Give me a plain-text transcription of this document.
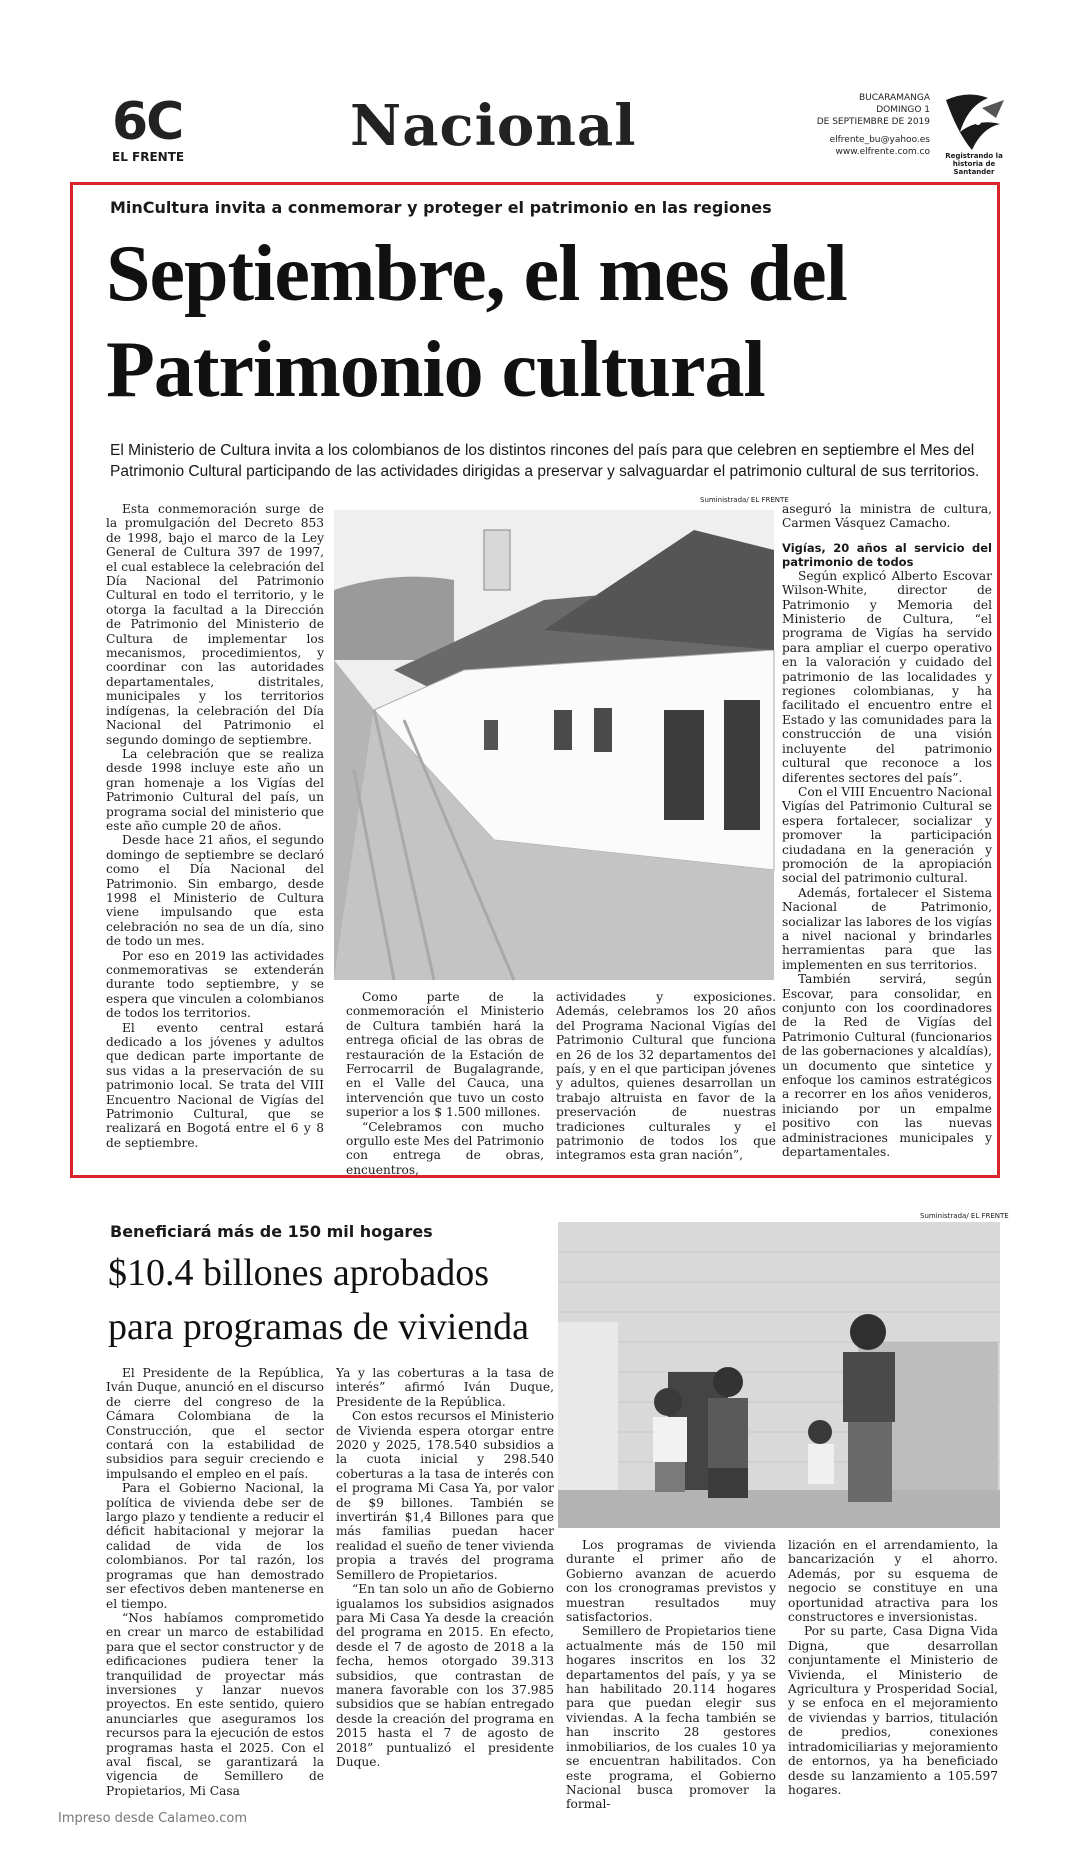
6C
EL FRENTE	Nacional	BUCARAMANGA
DOMINGO 1
DE SEPTIEMBRE DE 2019
elfrente_bu@yahoo.es
www.elfrente.com.co	Registrando la historia de Santander
MinCultura invita a conmemorar y proteger el patrimonio en las regiones
Septiembre, el mes del
Patrimonio cultural
El Ministerio de Cultura invita a los colombianos de los distintos rincones del país para que celebren en septiembre el Mes del Patrimonio Cultural participando de las actividades dirigidas a preservar y salvaguardar el patrimonio cultural de sus territorios.

Esta conmemoración surge de la promulgación del Decreto 853 de 1998, bajo el marco de la Ley General de Cultura 397 de 1997, el cual establece la celebración del Día Nacional del Patrimonio Cultural en todo el territorio, y le otorga la facultad a la Dirección de Patrimonio del Ministerio de Cultura de implementar los mecanismos, procedimientos, y coordinar con las autoridades departamentales, distritales, municipales y los territorios indígenas, la celebración del Día Nacional del Patrimonio el segundo domingo de septiembre.

La celebración que se realiza desde 1998 incluye este año un gran homenaje a los Vigías del Patrimonio Cultural del país, un programa social del ministerio que este año cumple 20 de años.

Desde hace 21 años, el segundo domingo de septiembre se declaró como el Día Nacional del Patrimonio. Sin embargo, desde 1998 el Ministerio de Cultura viene impulsando que esta celebración no sea de un día, sino de todo un mes.

Por eso en 2019 las actividades conmemorativas se extenderán durante todo septiembre, y se espera que vinculen a colombianos de todos los territorios.

El evento central estará dedicado a los jóvenes y adultos que dedican parte importante de sus vidas a la preservación de su patrimonio local. Se trata del VIII Encuentro Nacional de Vigías del Patrimonio Cultural, que se realizará en Bogotá entre el 6 y 8 de septiembre.

Suministrada/ EL FRENTE

Como parte de la conmemoración el Ministerio de Cultura también hará la entrega oficial de las obras de restauración de la Estación de Ferrocarril de Bugalagrande, en el Valle del Cauca, una intervención que tuvo un costo superior a los $ 1.500 millones.

“Celebramos con mucho orgullo este Mes del Patrimonio con entrega de obras, encuentros,

actividades y exposiciones. Además, celebramos los 20 años del Programa Nacional Vigías del Patrimonio Cultural que funciona en 26 de los 32 departamentos del país, y en el que participan jóvenes y adultos, quienes desarrollan un trabajo altruista en favor de la preservación de nuestras tradiciones culturales y el patrimonio de todos los que integramos esta gran nación”,

aseguró la ministra de cultura, Carmen Vásquez Camacho.

Vigías, 20 años al servicio del patrimonio de todos

Según explicó Alberto Escovar Wilson-White, director de Patrimonio y Memoria del Ministerio de Cultura, “el programa de Vigías ha servido para ampliar el cuerpo operativo en la valoración y cuidado del patrimonio de las localidades y regiones colombianas, y ha facilitado el encuentro entre el Estado y las comunidades para la construcción de una visión incluyente del patrimonio cultural que reconoce a los diferentes sectores del país”.

Con el VIII Encuentro Nacional Vigías del Patrimonio Cultural se espera fortalecer, socializar y promover la participación ciudadana en la generación y promoción de la apropiación social del patrimonio cultural.

Además, fortalecer el Sistema Nacional de Patrimonio, socializar las labores de los vigías a nivel nacional y brindarles herramientas para que las implementen en sus territorios.

También servirá, según Escovar, para consolidar, en conjunto con los coordinadores de la Red de Vigías del Patrimonio Cultural (funcionarios de las gobernaciones y alcaldías), un documento que sintetice y enfoque los caminos estratégicos a recorrer en los años venideros, iniciando por un empalme positivo con las nuevas administraciones municipales y departamentales.

Beneficiará más de 150 mil hogares
$10.4 billones aprobados
para programas de vivienda
Suministrada/ EL FRENTE

El Presidente de la República, Iván Duque, anunció en el discurso de cierre del congreso de la Cámara Colombiana de la Construcción, que el sector contará con la estabilidad de subsidios para seguir creciendo e impulsando el empleo en el país.

Para el Gobierno Nacional, la política de vivienda debe ser de largo plazo y tendiente a reducir el déficit habitacional y mejorar la calidad de vida de los colombianos. Por tal razón, los programas que han demostrado ser efectivos deben mantenerse en el tiempo.

“Nos habíamos comprometido en crear un marco de estabilidad para que el sector constructor y de edificaciones pudiera tener la tranquilidad de proyectar más inversiones y lanzar nuevos proyectos. En este sentido, quiero anunciarles que aseguramos los recursos para la ejecución de estos programas hasta el 2025. Con el aval fiscal, se garantizará la vigencia de Semillero de Propietarios, Mi Casa

Ya y las coberturas a la tasa de interés” afirmó Iván Duque, Presidente de la República.

Con estos recursos el Ministerio de Vivienda espera otorgar entre 2020 y 2025, 178.540 subsidios a la cuota inicial y 298.540 coberturas a la tasa de interés con el programa Mi Casa Ya, por valor de $9 billones. También se invertirán $1,4 Billones para que más familias puedan hacer realidad el sueño de tener vivienda propia a través del programa Semillero de Propietarios.

“En tan solo un año de Gobierno igualamos los subsidios asignados para Mi Casa Ya desde la creación del programa en 2015. En efecto, desde el 7 de agosto de 2018 a la fecha, hemos otorgado 39.313 subsidios, que contrastan de manera favorable con los 37.985 subsidios que se habían entregado desde la creación del programa en 2015 hasta el 7 de agosto de 2018” puntualizó el presidente Duque.

Los programas de vivienda durante el primer año de Gobierno avanzan de acuerdo con los cronogramas previstos y muestran resultados muy satisfactorios.

Semillero de Propietarios tiene actualmente más de 150 mil hogares inscritos en los 32 departamentos del país, y ya se han habilitado 20.114 hogares para que puedan elegir sus viviendas. A la fecha también se han inscrito 28 gestores inmobiliarios, de los cuales 10 ya se encuentran habilitados. Con este programa, el Gobierno Nacional busca promover la formal-

lización en el arrendamiento, la bancarización y el ahorro. Además, por su esquema de negocio se constituye en una oportunidad atractiva para los constructores e inversionistas.

Por su parte, Casa Digna Vida Digna, que desarrollan conjuntamente el Ministerio de Vivienda, el Ministerio de Agricultura y Prosperidad Social, y se enfoca en el mejoramiento de viviendas y barrios, titulación de predios, conexiones intradomiciliarias y mejoramiento de entornos, ya ha beneficiado desde su lanzamiento a 105.597 hogares.

Impreso desde Calameo.com
